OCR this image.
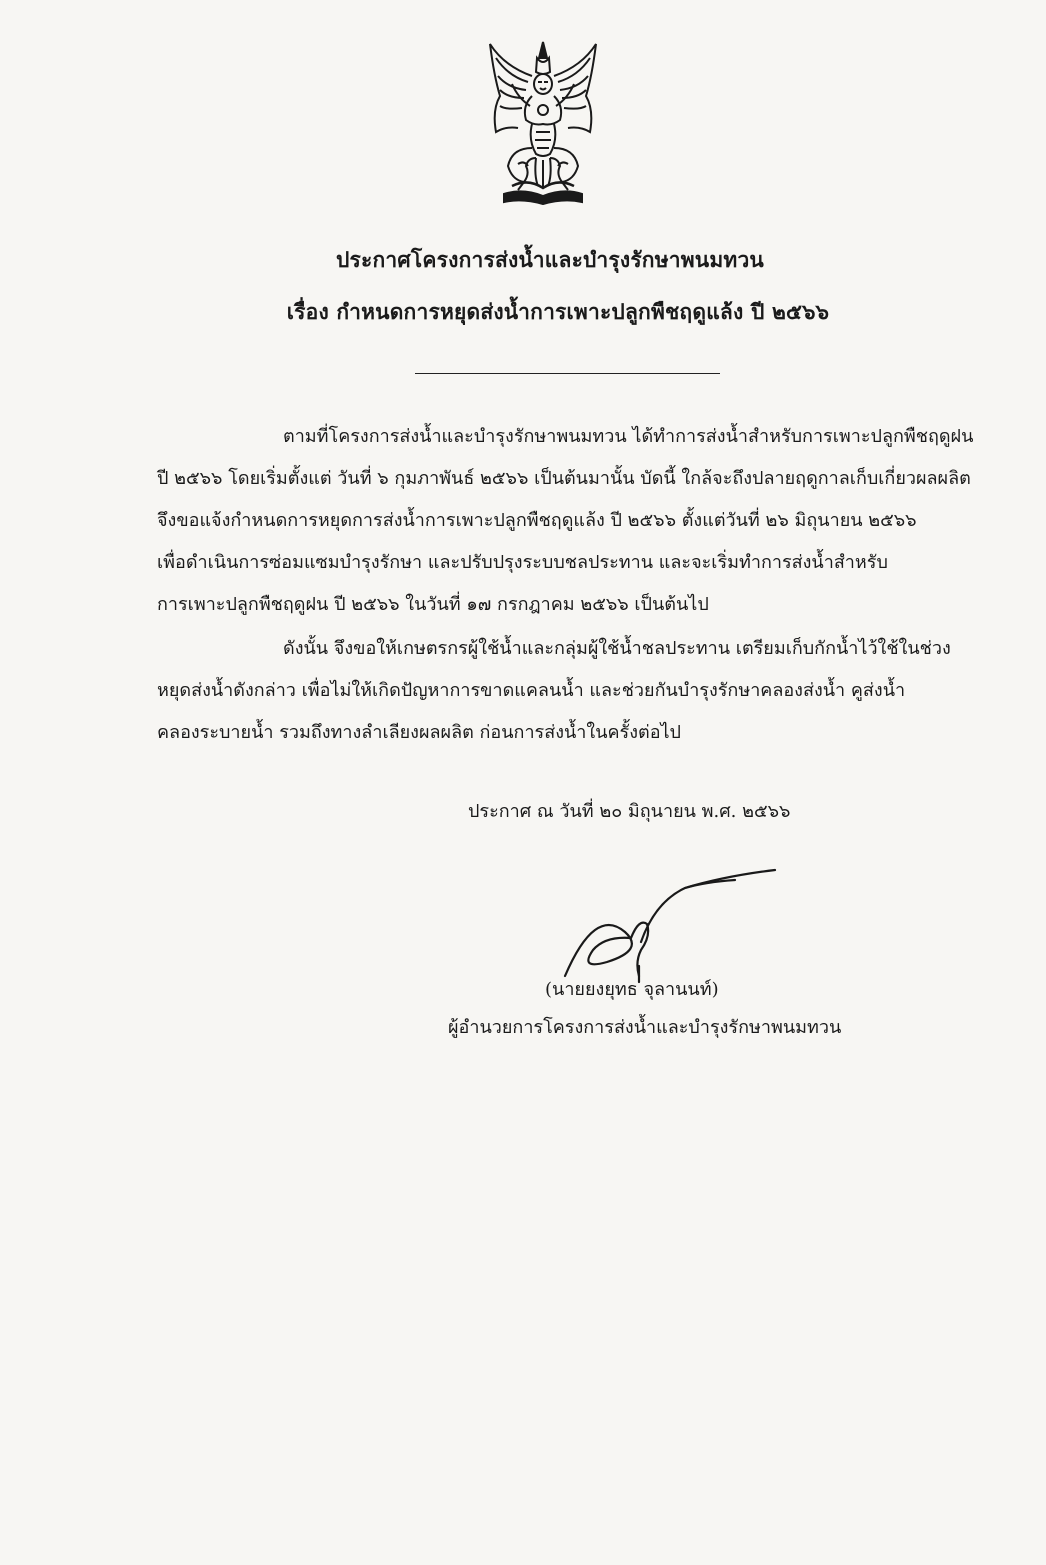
ประกาศโครงการส่งน้ำและบำรุงรักษาพนมทวน
เรื่อง กำหนดการหยุดส่งน้ำการเพาะปลูกพืชฤดูแล้ง ปี ๒๕๖๖
ตามที่โครงการส่งน้ำและบำรุงรักษาพนมทวน ได้ทำการส่งน้ำสำหรับการเพาะปลูกพืชฤดูฝน
ปี ๒๕๖๖ โดยเริ่มตั้งแต่ วันที่ ๖ กุมภาพันธ์ ๒๕๖๖ เป็นต้นมานั้น บัดนี้ ใกล้จะถึงปลายฤดูกาลเก็บเกี่ยวผลผลิต
จึงขอแจ้งกำหนดการหยุดการส่งน้ำการเพาะปลูกพืชฤดูแล้ง ปี ๒๕๖๖ ตั้งแต่วันที่ ๒๖ มิถุนายน ๒๕๖๖
เพื่อดำเนินการซ่อมแซมบำรุงรักษา และปรับปรุงระบบชลประทาน และจะเริ่มทำการส่งน้ำสำหรับ
การเพาะปลูกพืชฤดูฝน ปี ๒๕๖๖ ในวันที่ ๑๗ กรกฎาคม ๒๕๖๖ เป็นต้นไป
ดังนั้น จึงขอให้เกษตรกรผู้ใช้น้ำและกลุ่มผู้ใช้น้ำชลประทาน เตรียมเก็บกักน้ำไว้ใช้ในช่วง
หยุดส่งน้ำดังกล่าว เพื่อไม่ให้เกิดปัญหาการขาดแคลนน้ำ และช่วยกันบำรุงรักษาคลองส่งน้ำ คูส่งน้ำ
คลองระบายน้ำ รวมถึงทางลำเลียงผลผลิต ก่อนการส่งน้ำในครั้งต่อไป
ประกาศ ณ วันที่ ๒๐ มิถุนายน พ.ศ. ๒๕๖๖
(นายยงยุทธ จุลานนท์)
ผู้อำนวยการโครงการส่งน้ำและบำรุงรักษาพนมทวน
